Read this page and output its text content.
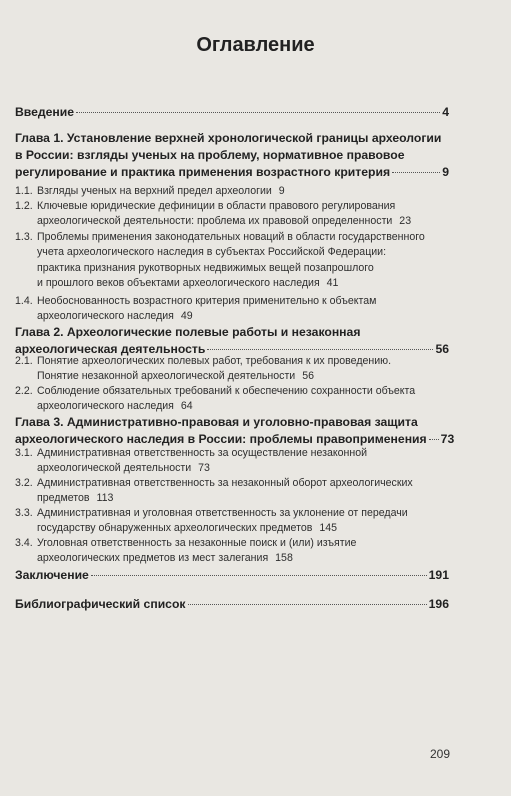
Оглавление
Введение	4
Глава 1. Установление верхней хронологической границы археологии
в России: взгляды ученых на проблему, нормативное правовое
регулирование и практика применения возрастного критерия	9
1.1. Взгляды ученых на верхний предел археологии 9
1.2. Ключевые юридические дефиниции в области правового регулирования
археологической деятельности: проблема их правовой определенности 23
1.3. Проблемы применения законодательных новаций в области государственного
учета археологического наследия в субъектах Российской Федерации:
практика признания рукотворных недвижимых вещей позапрошлого
и прошлого веков объектами археологического наследия 41
1.4. Необоснованность возрастного критерия применительно к объектам
археологического наследия 49
Глава 2. Археологические полевые работы и незаконная
археологическая деятельность	56
2.1. Понятие археологических полевых работ, требования к их проведению.
Понятие незаконной археологической деятельности 56
2.2. Соблюдение обязательных требований к обеспечению сохранности объекта
археологического наследия 64
Глава 3. Административно-правовая и уголовно-правовая защита
археологического наследия в России: проблемы правоприменения 73
3.1. Административная ответственность за осуществление незаконной
археологической деятельности 73
3.2. Административная ответственность за незаконный оборот археологических
предметов 113
3.3. Административная и уголовная ответственность за уклонение от передачи
государству обнаруженных археологических предметов 145
3.4. Уголовная ответственность за незаконные поиск и (или) изъятие
археологических предметов из мест залегания 158
Заключение	191
Библиографический список	196
209
